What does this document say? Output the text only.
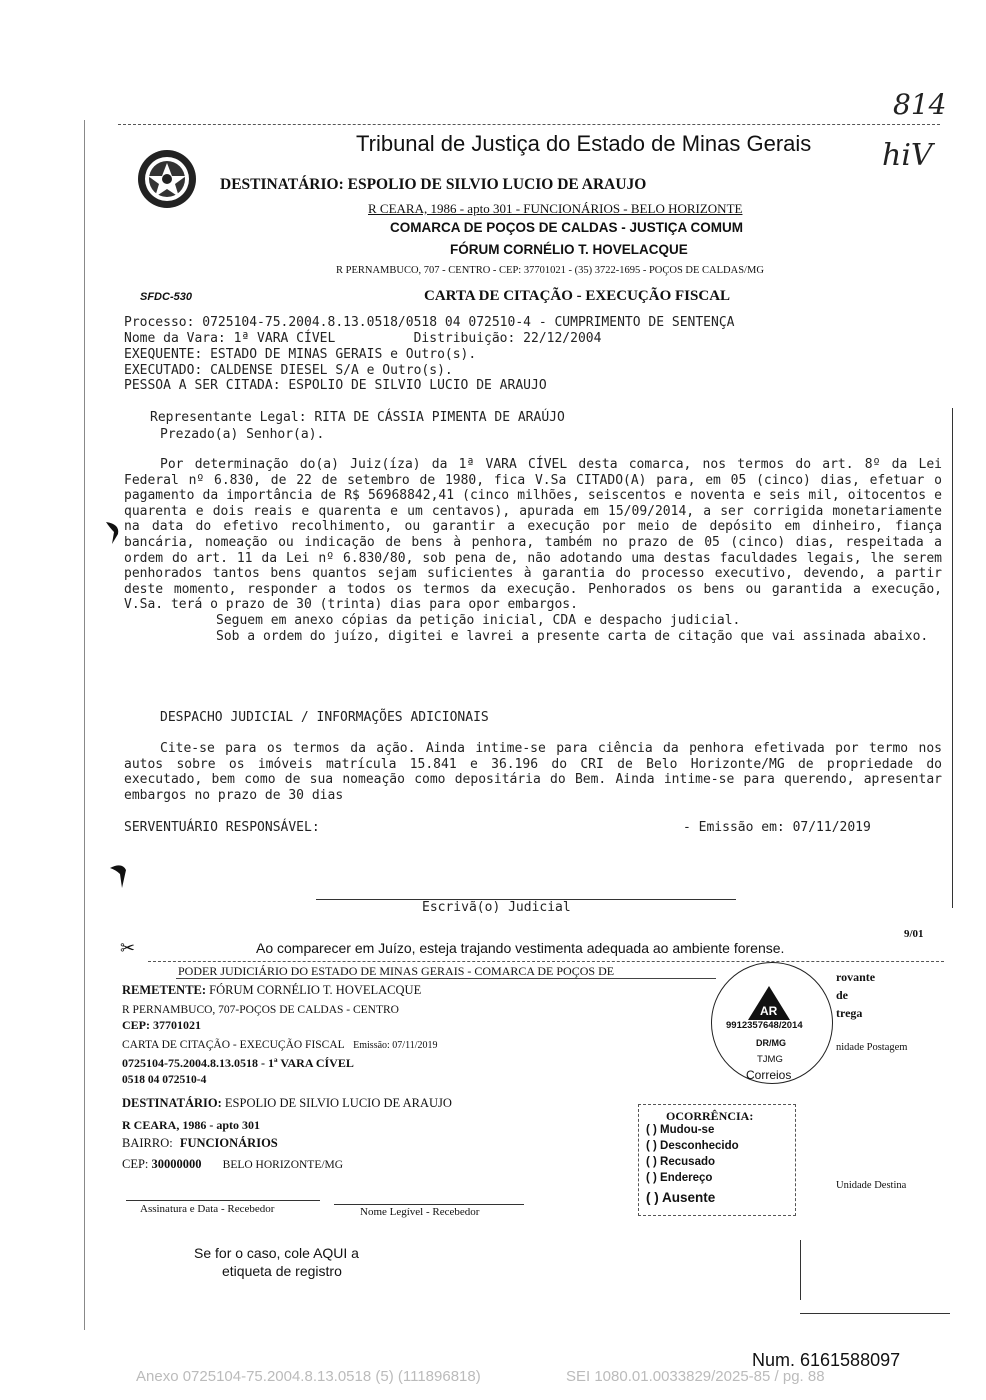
814
hiV
Tribunal de Justiça do Estado de Minas Gerais
DESTINATÁRIO: ESPOLIO DE SILVIO LUCIO DE ARAUJO
R CEARA, 1986 - apto 301 - FUNCIONÁRIOS - BELO HORIZONTE
COMARCA DE POÇOS DE CALDAS - JUSTIÇA COMUM
FÓRUM CORNÉLIO T. HOVELACQUE
R PERNAMBUCO, 707 - CENTRO - CEP: 37701021 - (35) 3722-1695 - POÇOS DE CALDAS/MG
SFDC-530	CARTA DE CITAÇÃO - EXECUÇÃO FISCAL
Processo: 0725104-75.2004.8.13.0518/0518 04 072510-4 - CUMPRIMENTO DE SENTENÇA
Nome da Vara: 1ª VARA CÍVEL          Distribuição: 22/12/2004
EXEQUENTE: ESTADO DE MINAS GERAIS e Outro(s).
EXECUTADO: CALDENSE DIESEL S/A e Outro(s).
PESSOA A SER CITADA: ESPOLIO DE SILVIO LUCIO DE ARAUJO
Representante Legal: RITA DE CÁSSIA PIMENTA DE ARAÚJO
Prezado(a) Senhor(a).

Por determinação do(a) Juiz(íza) da 1ª VARA CÍVEL desta comarca, nos termos do art. 8º da Lei Federal nº 6.830, de 22 de setembro de 1980, fica V.Sa CITADO(A) para, em 05 (cinco) dias, efetuar o pagamento da importância de R$ 56968842,41 (cinco milhões, seiscentos e noventa e seis mil, oitocentos e quarenta e dois reais e quarenta e um centavos), apurada em 15/09/2014, a ser corrigida monetariamente na data do efetivo recolhimento, ou garantir a execução por meio de depósito em dinheiro, fiança bancária, nomeação ou indicação de bens à penhora, também no prazo de 05 (cinco) dias, respeitada a ordem do art. 11 da Lei nº 6.830/80, sob pena de, não adotando uma destas faculdades legais, lhe serem penhorados tantos bens quantos sejam suficientes à garantia do processo executivo, devendo, a partir deste momento, responder a todos os termos da execução. Penhorados os bens ou garantida a execução, V.Sa. terá o prazo de 30 (trinta) dias para opor embargos.

Seguem em anexo cópias da petição inicial, CDA e despacho judicial.

Sob a ordem do juízo, digitei e lavrei a presente carta de citação que vai assinada abaixo.

DESPACHO JUDICIAL / INFORMAÇÕES ADICIONAIS
Cite-se para os termos da ação. Ainda intime-se para ciência da penhora efetivada por termo nos autos sobre os imóveis matrícula 15.841 e 36.196 do CRI de Belo Horizonte/MG de propriedade do executado, bem como de sua nomeação como depositária do Bem. Ainda intime-se para querendo, apresentar embargos no prazo de 30 dias
SERVENTUÁRIO RESPONSÁVEL:	- Emissão em: 07/11/2019
Escrivã(o) Judicial
9/01
✂	Ao comparecer em Juízo, esteja trajando vestimenta adequada ao ambiente forense.
PODER JUDICIÁRIO DO ESTADO DE MINAS GERAIS - COMARCA DE POÇOS DE
REMETENTE: FÓRUM CORNÉLIO T. HOVELACQUE
R PERNAMBUCO, 707-POÇOS DE CALDAS - CENTRO
CEP: 37701021
CARTA DE CITAÇÃO - EXECUÇÃO FISCAL Emissão: 07/11/2019
0725104-75.2004.8.13.0518 - 1ª VARA CÍVEL
0518 04 072510-4
DESTINATÁRIO: ESPOLIO DE SILVIO LUCIO DE ARAUJO
R CEARA, 1986 - apto 301
BAIRRO: FUNCIONÁRIOS
CEP: 30000000 BELO HORIZONTE/MG
Assinatura e Data - Recebedor	Nome Legível - Recebedor
AR
9912357648/2014
DR/MG
TJMG
Correios
rovante
de
trega
nidade Postagem
Unidade Destina
OCORRÊNCIA:
( ) Mudou-se
( ) Desconhecido
( ) Recusado
( ) Endereço
( ) Ausente
Se for o caso, cole AQUI a
etiqueta de registro
Num. 6161588097
Anexo 0725104-75.2004.8.13.0518 (5) (111896818)	SEI 1080.01.0033829/2025-85 / pg. 88
